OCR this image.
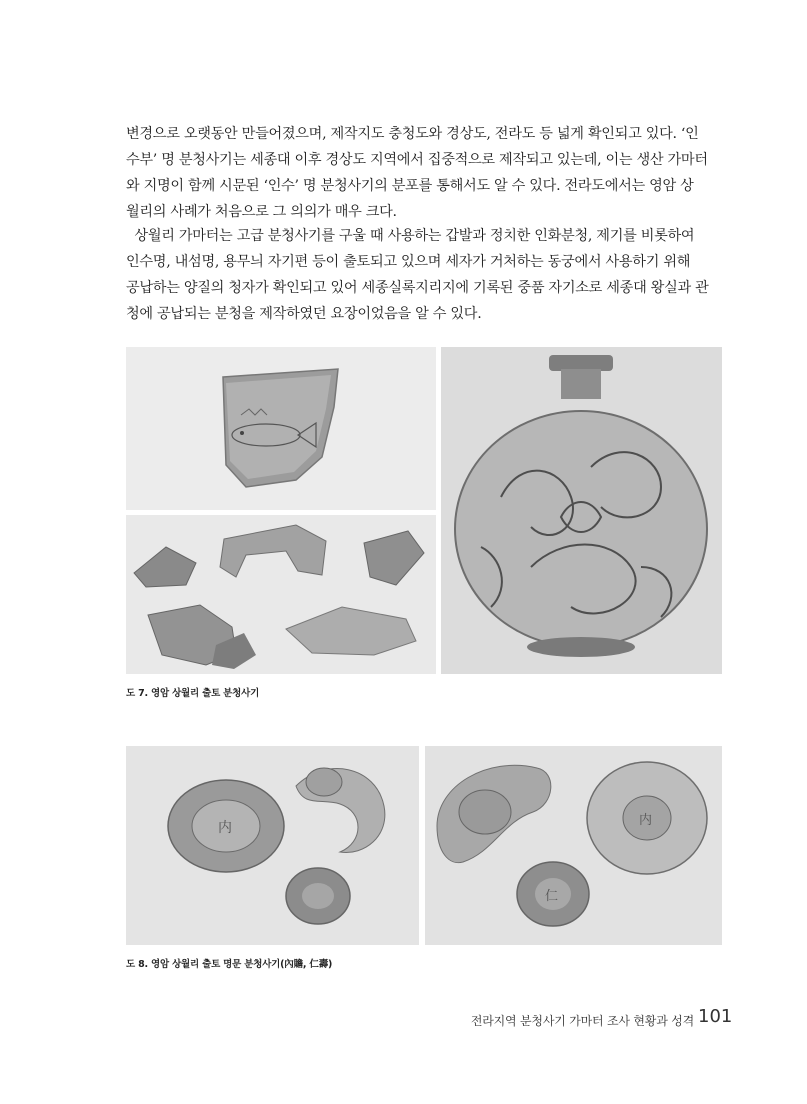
변경으로 오랫동안 만들어졌으며, 제작지도 충청도와 경상도, 전라도 등 넓게 확인되고 있다. ‘인
수부’ 명 분청사기는 세종대 이후 경상도 지역에서 집중적으로 제작되고 있는데, 이는 생산 가마터
와 지명이 함께 시문된 ‘인수’ 명 분청사기의 분포를 통해서도 알 수 있다. 전라도에서는 영암 상
월리의 사례가 처음으로 그 의의가 매우 크다.
상월리 가마터는 고급 분청사기를 구울 때 사용하는 갑발과 정치한 인화분청, 제기를 비롯하여
인수명, 내섬명, 용무늬 자기편 등이 출토되고 있으며 세자가 거처하는 동궁에서 사용하기 위해
공납하는 양질의 청자가 확인되고 있어 세종실록지리지에 기록된 중품 자기소로 세종대 왕실과 관
청에 공납되는 분청을 제작하였던 요장이었음을 알 수 있다.
도 7. 영암 상월리 출토 분청사기
内	内
仁
도 8. 영암 상월리 출토 명문 분청사기(內贍, 仁壽)
전라지역 분청사기 가마터 조사 현황과 성격 101
